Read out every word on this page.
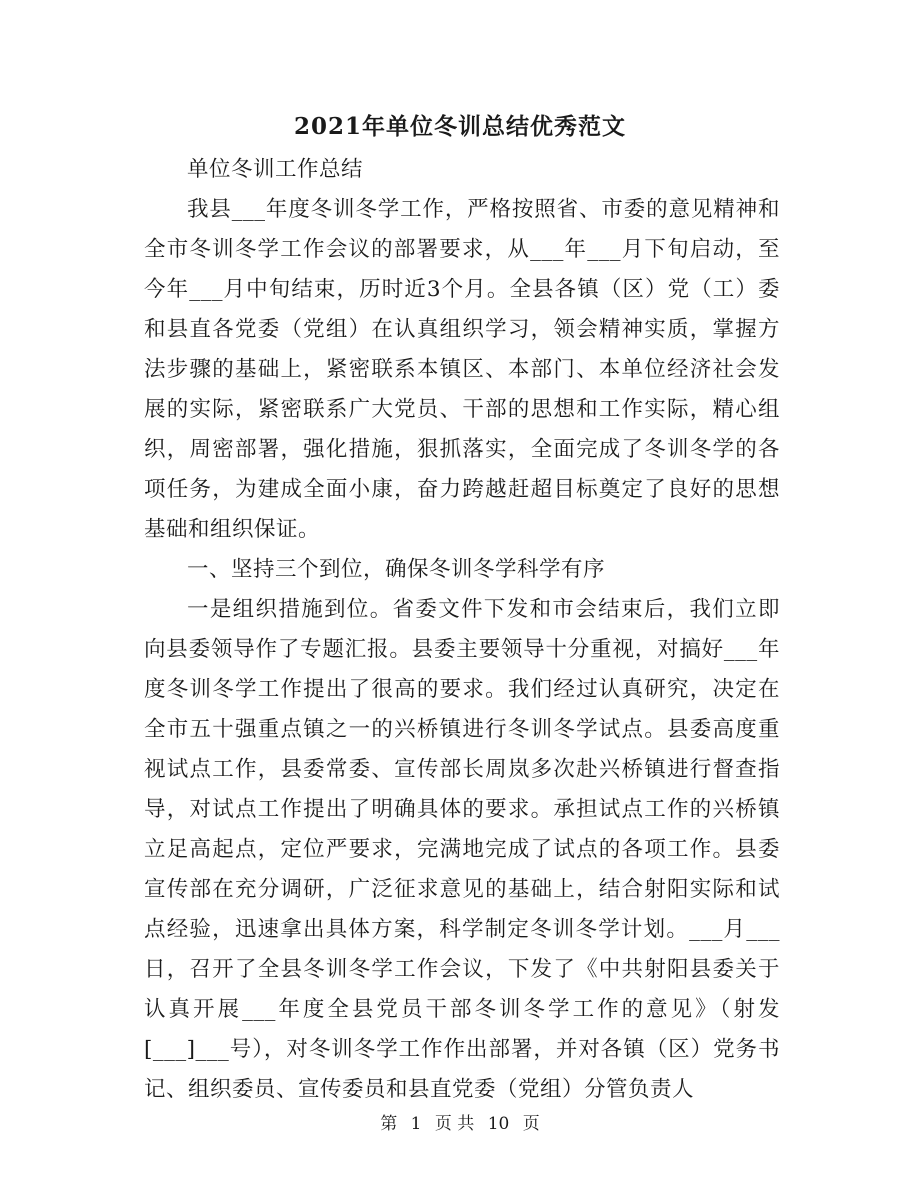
2021年单位冬训总结优秀范文

单位冬训工作总结

我县___年度冬训冬学工作，严格按照省、市委的意见精神和全市冬训冬学工作会议的部署要求，从___年___月下旬启动，至今年___月中旬结束，历时近3个月。全县各镇（区）党（工）委和县直各党委（党组）在认真组织学习，领会精神实质，掌握方法步骤的基础上，紧密联系本镇区、本部门、本单位经济社会发展的实际，紧密联系广大党员、干部的思想和工作实际，精心组织，周密部署，强化措施，狠抓落实，全面完成了冬训冬学的各项任务，为建成全面小康，奋力跨越赶超目标奠定了良好的思想基础和组织保证。

一、坚持三个到位，确保冬训冬学科学有序

一是组织措施到位。省委文件下发和市会结束后，我们立即向县委领导作了专题汇报。县委主要领导十分重视，对搞好___年度冬训冬学工作提出了很高的要求。我们经过认真研究，决定在全市五十强重点镇之一的兴桥镇进行冬训冬学试点。县委高度重视试点工作，县委常委、宣传部长周岚多次赴兴桥镇进行督查指导，对试点工作提出了明确具体的要求。承担试点工作的兴桥镇立足高起点，定位严要求，完满地完成了试点的各项工作。县委宣传部在充分调研，广泛征求意见的基础上，结合射阳实际和试点经验，迅速拿出具体方案，科学制定冬训冬学计划。___月___日，召开了全县冬训冬学工作会议，下发了《中共射阳县委关于认真开展___年度全县党员干部冬训冬学工作的意见》（射发[___]___号），对冬训冬学工作作出部署，并对各镇（区）党务书记、组织委员、宣传委员和县直党委（党组）分管负责人

第 1 页 共 10 页
